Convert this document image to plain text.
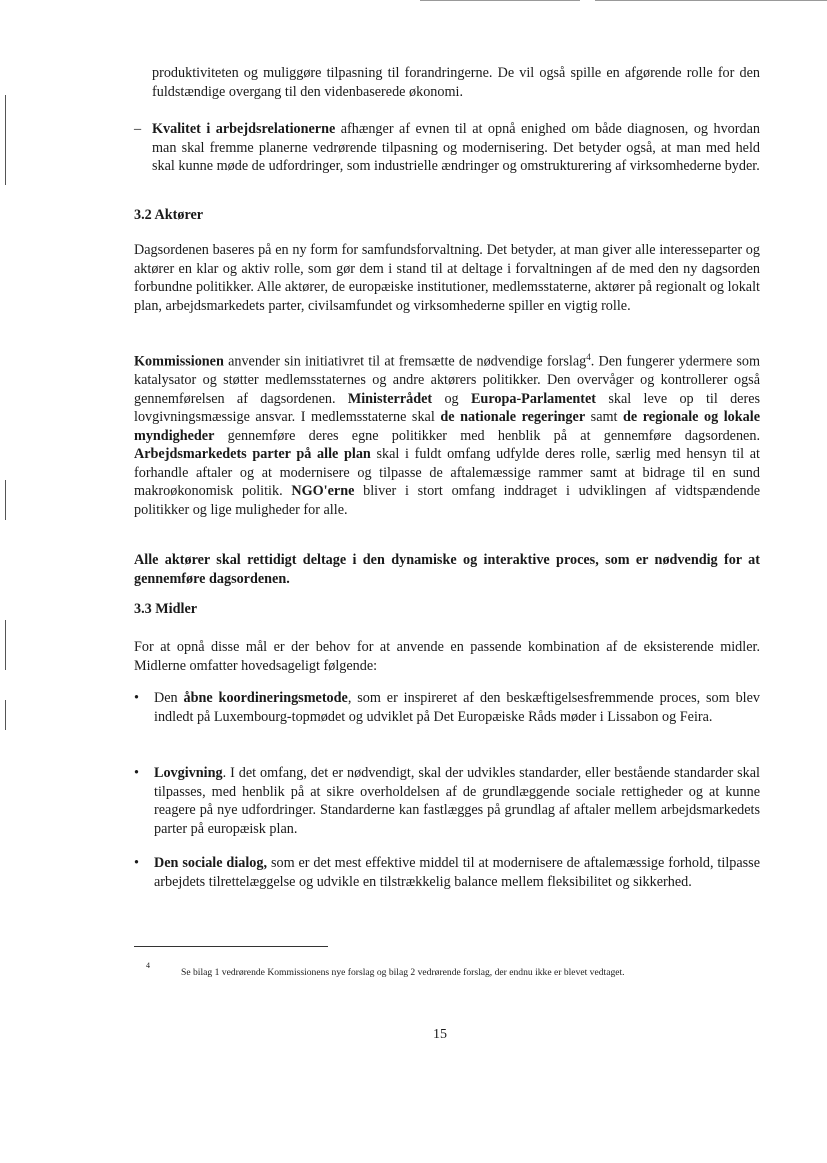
produktiviteten og muliggøre tilpasning til forandringerne. De vil også spille en afgørende rolle for den fuldstændige overgang til den videnbaserede økonomi.

– Kvalitet i arbejdsrelationerne afhænger af evnen til at opnå enighed om både diagnosen, og hvordan man skal fremme planerne vedrørende tilpasning og modernisering. Det betyder også, at man med held skal kunne møde de udfordringer, som industrielle ændringer og omstrukturering af virksomhederne byder.
3.2 Aktører

Dagsordenen baseres på en ny form for samfundsforvaltning. Det betyder, at man giver alle interesseparter og aktører en klar og aktiv rolle, som gør dem i stand til at deltage i forvaltningen af de med den ny dagsorden forbundne politikker. Alle aktører, de europæiske institutioner, medlemsstaterne, aktører på regionalt og lokalt plan, arbejdsmarkedets parter, civilsamfundet og virksomhederne spiller en vigtig rolle.

Kommissionen anvender sin initiativret til at fremsætte de nødvendige forslag$^4$. Den fungerer ydermere som katalysator og støtter medlemsstaternes og andre aktørers politikker. Den overvåger og kontrollerer også gennemførelsen af dagsordenen. Ministerrådet og Europa-Parlamentet skal leve op til deres lovgivningsmæssige ansvar. I medlemsstaterne skal de nationale regeringer samt de regionale og lokale myndigheder gennemføre deres egne politikker med henblik på at gennemføre dagsordenen. Arbejdsmarkedets parter på alle plan skal i fuldt omfang udfylde deres rolle, særlig med hensyn til at forhandle aftaler og at modernisere og tilpasse de aftalemæssige rammer samt at bidrage til en sund makroøkonomisk politik. NGO'erne bliver i stort omfang inddraget i udviklingen af vidtspændende politikker og lige muligheder for alle.

Alle aktører skal rettidigt deltage i den dynamiske og interaktive proces, som er nødvendig for at gennemføre dagsordenen.

3.3 Midler

For at opnå disse mål er der behov for at anvende en passende kombination af de eksisterende midler. Midlerne omfatter hovedsageligt følgende:

•	Den åbne koordineringsmetode, som er inspireret af den beskæftigelsesfremmende proces, som blev indledt på Luxembourg-topmødet og udviklet på Det Europæiske Råds møder i Lissabon og Feira.
•	Lovgivning. I det omfang, det er nødvendigt, skal der udvikles standarder, eller bestående standarder skal tilpasses, med henblik på at sikre overholdelsen af de grundlæggende sociale rettigheder og at kunne reagere på nye udfordringer. Standarderne kan fastlægges på grundlag af aftaler mellem arbejdsmarkedets parter på europæisk plan.
•	Den sociale dialog, som er det mest effektive middel til at modernisere de aftalemæssige forhold, tilpasse arbejdets tilrettelæggelse og udvikle en tilstrækkelig balance mellem fleksibilitet og sikkerhed.
4
Se bilag 1 vedrørende Kommissionens nye forslag og bilag 2 vedrørende forslag, der endnu ikke er blevet vedtaget.
15
